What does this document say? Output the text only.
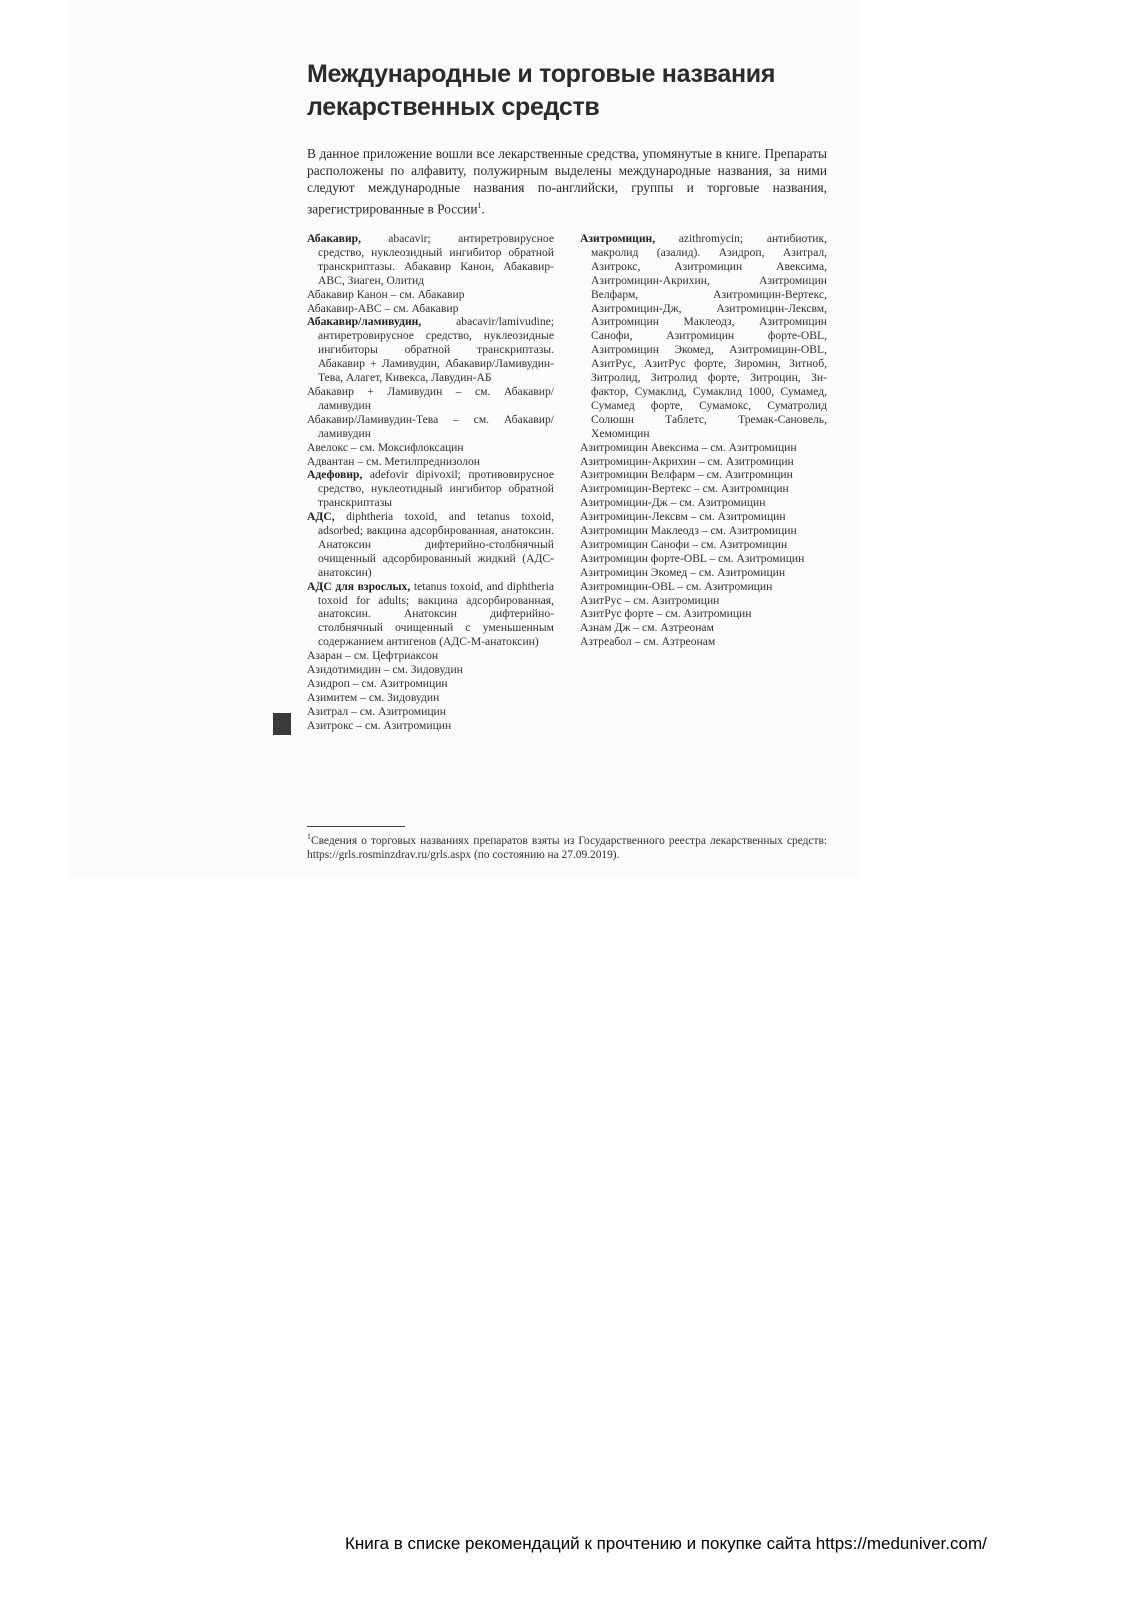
Международные и торговые названия
лекарственных средств

В данное приложение вошли все лекарственные средства, упомянутые в книге. Препараты расположены по алфавиту, полужирным выделены международные названия, за ними следуют международные названия по-английски, группы и торговые названия, зарегистрированные в России$^1$.

Абакавир, abacavir; антиретровирусное средство, нуклеозидный ингибитор обратной транскриптазы. Абакавир Канон, Абакавир-АВС, Зиаген, Олитид

Абакавир Канон – см. Абакавир

Абакавир-АВС – см. Абакавир

Абакавир/ламивудин, abacavir/lamivudine; антиретровирусное средство, нуклеозидные ингибиторы обратной транскриптазы. Абакавир + Ламивудин, Абакавир/Ламивудин-Тева, Алагет, Кивекса, Лавудин-АБ

Абакавир + Ламивудин – см. Абакавир/ламивудин

Абакавир/Ламивудин-Тева – см. Абакавир/ламивудин

Авелокс – см. Моксифлоксацин

Адвантан – см. Метилпреднизолон

Адефовир, adefovir dipivoxil; противовирусное средство, нуклеотидный ингибитор обратной транскриптазы

АДС, diphtheria toxoid, and tetanus toxoid, adsorbed; вакцина адсорбированная, анатоксин. Анатоксин дифтерийно-столбнячный очищенный адсорбированный жидкий (АДС-анатоксин)

АДС для взрослых, tetanus toxoid, and diphtheria toxoid for adults; вакцина адсорбированная, анатоксин. Анатоксин дифтерийно-столбнячный очищенный с уменьшенным содержанием антигенов (АДС-М-анатоксин)

Азаран – см. Цефтриаксон

Азидотимидин – см. Зидовудин

Азидроп – см. Азитромицин

Азимитем – см. Зидовудин

Азитрал – см. Азитромицин

Азитрокс – см. Азитромицин

Азитромицин, azithromycin; антибиотик, макролид (азалид). Азидроп, Азитрал, Азитрокс, Азитромицин Авексима, Азитромицин-Акрихин, Азитромицин Велфарм, Азитромицин-Вертекс, Азитромицин-Дж, Азитромицин-Лексвм, Азитромицин Маклеодз, Азитромицин Санофи, Азитромицин форте-OBL, Азитромицин Экомед, Азитромицин-OBL, АзитРус, АзитРус форте, Зиромин, Зитноб, Зитролид, Зитролид форте, Зитроцин, Зи-фактор, Сумаклид, Сумаклид 1000, Сумамед, Сумамед форте, Сумамокс, Суматролид Солюшн Таблетс, Тремак-Сановель, Хемомицин

Азитромицин Авексима – см. Азитромицин

Азитромицин-Акрихин – см. Азитромицин

Азитромицин Велфарм – см. Азитромицин

Азитромицин-Вертекс – см. Азитромицин

Азитромицин-Дж – см. Азитромицин

Азитромицин-Лексвм – см. Азитромицин

Азитромицин Маклеодз – см. Азитромицин

Азитромицин Санофи – см. Азитромицин

Азитромицин форте-OBL – см. Азитромицин

Азитромицин Экомед – см. Азитромицин

Азитромицин-OBL – см. Азитромицин

АзитРус – см. Азитромицин

АзитРус форте – см. Азитромицин

Азнам Дж – см. Азтреонам

Азтреабол – см. Азтреонам

$^1$Сведения о торговых названиях препаратов взяты из Государственного реестра лекарственных средств: https://grls.rosminzdrav.ru/grls.aspx (по состоянию на 27.09.2019).

Книга в списке рекомендаций к прочтению и покупке сайта https://meduniver.com/
